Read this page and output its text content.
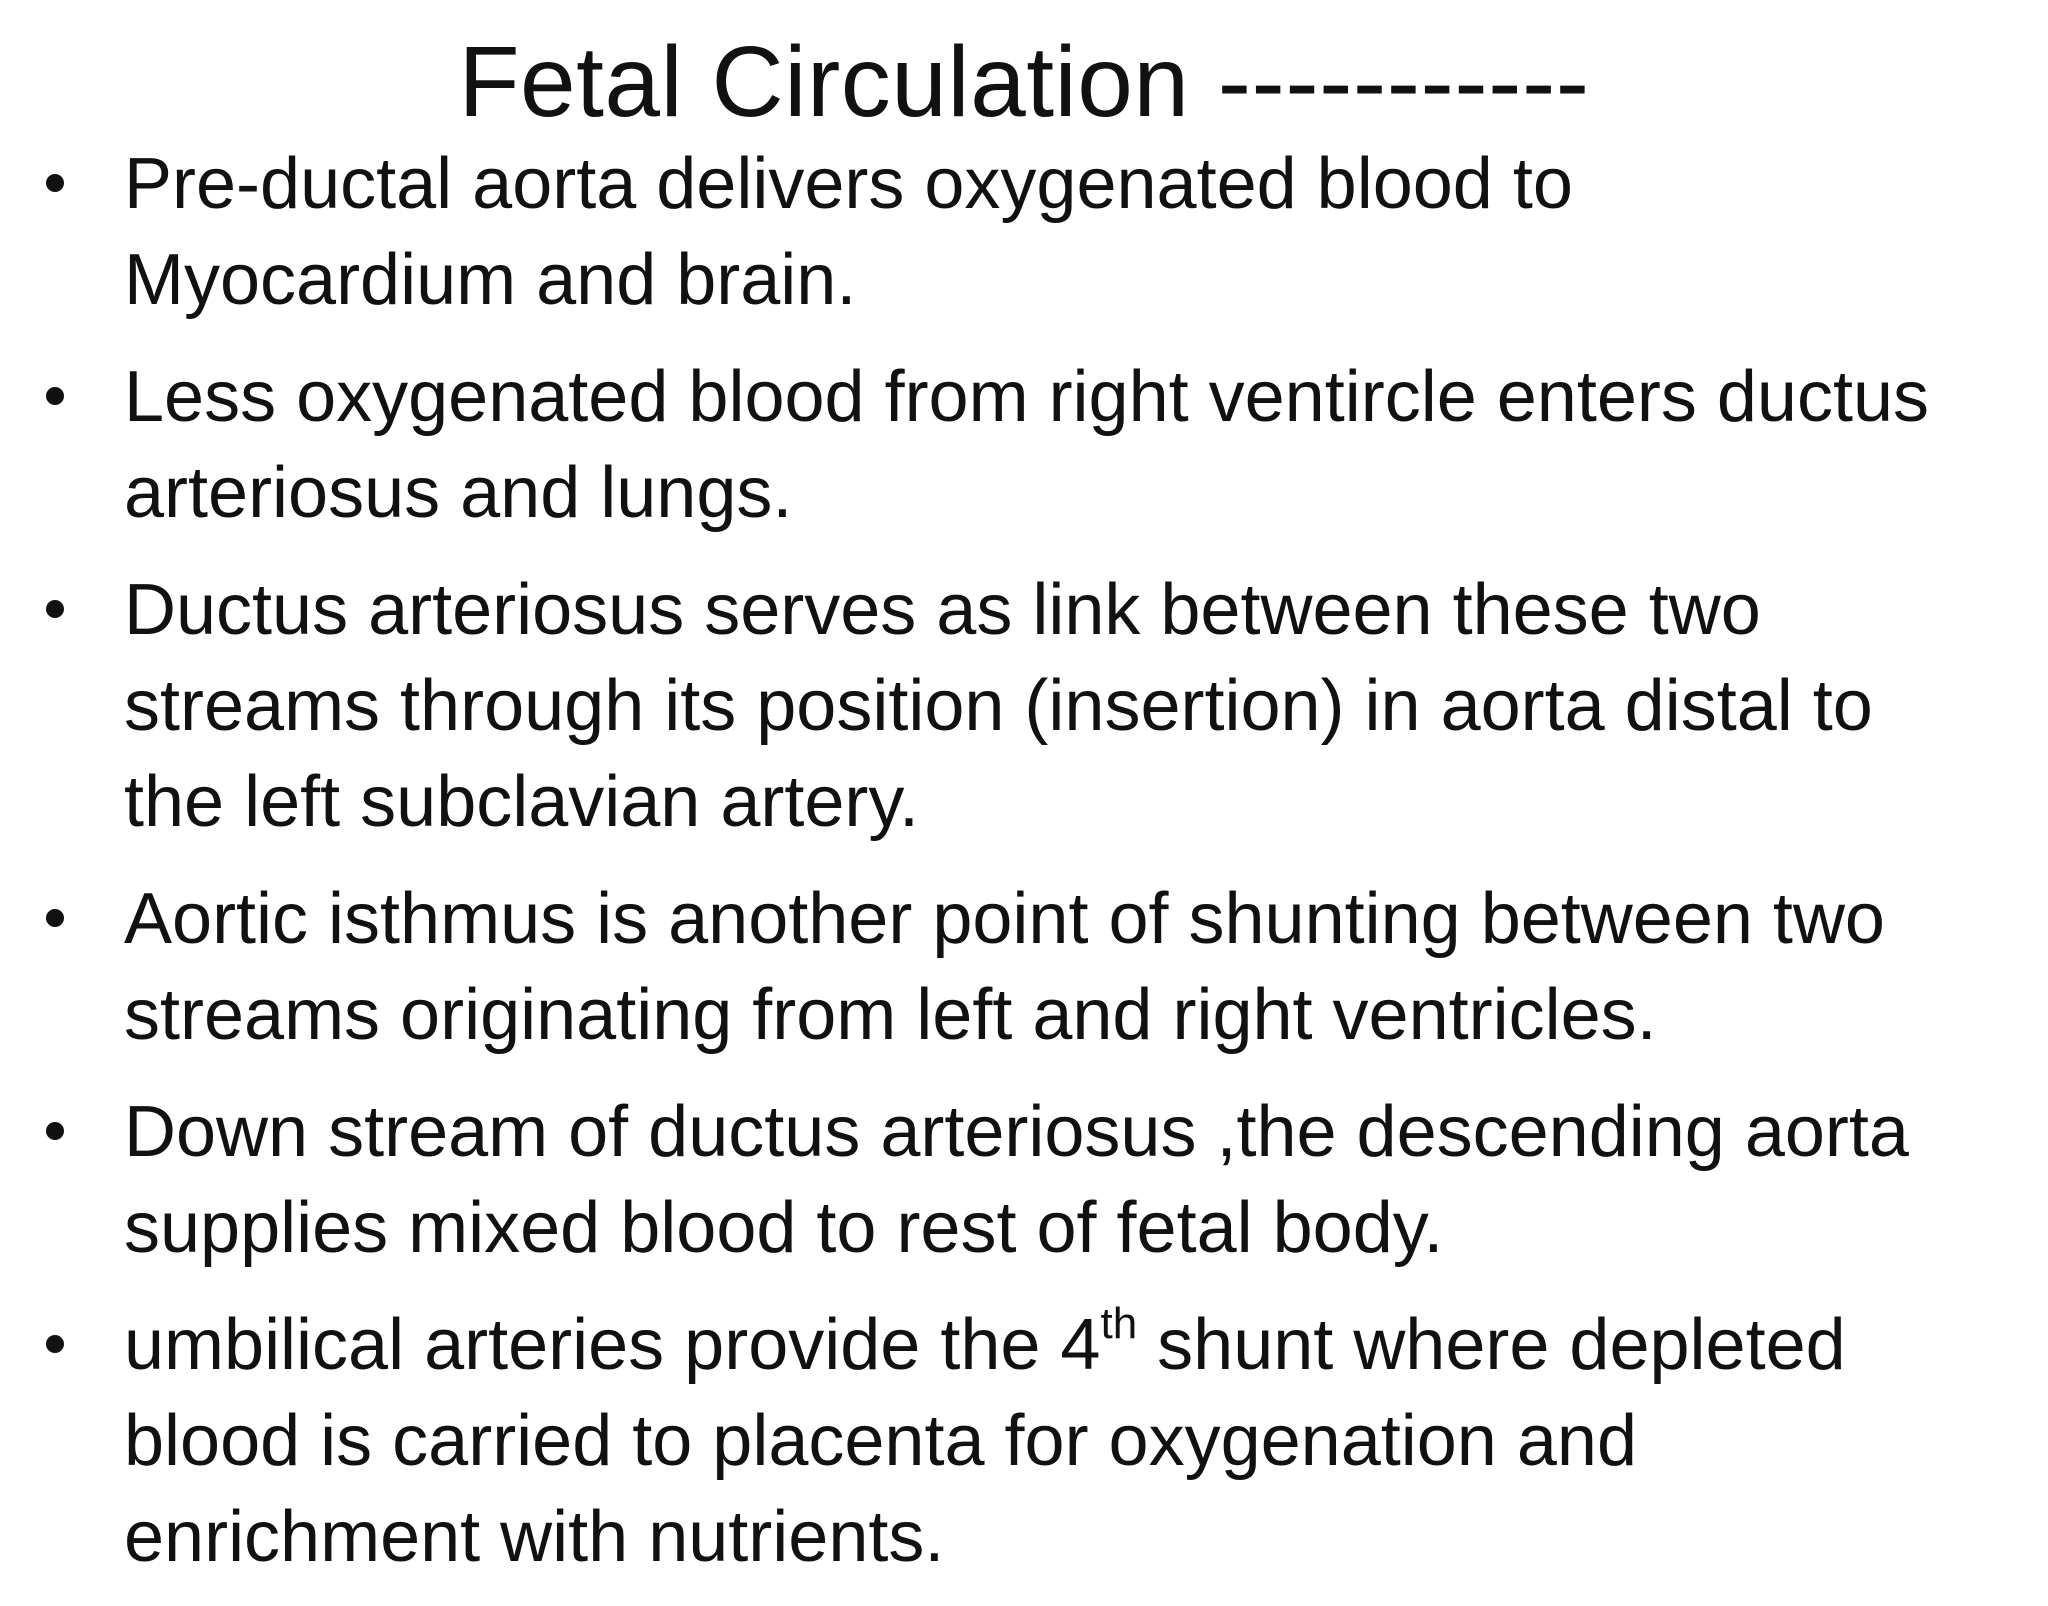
Fetal Circulation -----------
Pre-ductal aorta delivers oxygenated blood to
Myocardium and brain.
Less oxygenated blood from right ventircle enters ductus
arteriosus and lungs.
Ductus arteriosus serves as link between these two
streams through its position (insertion) in aorta distal to
the left subclavian artery.
Aortic isthmus is another point of shunting between two
streams originating from left and right ventricles.
Down stream of ductus arteriosus ,the descending aorta
supplies mixed blood to rest of fetal body.
umbilical arteries provide the 4th shunt where depleted
blood is carried to placenta for oxygenation and
enrichment with nutrients.
